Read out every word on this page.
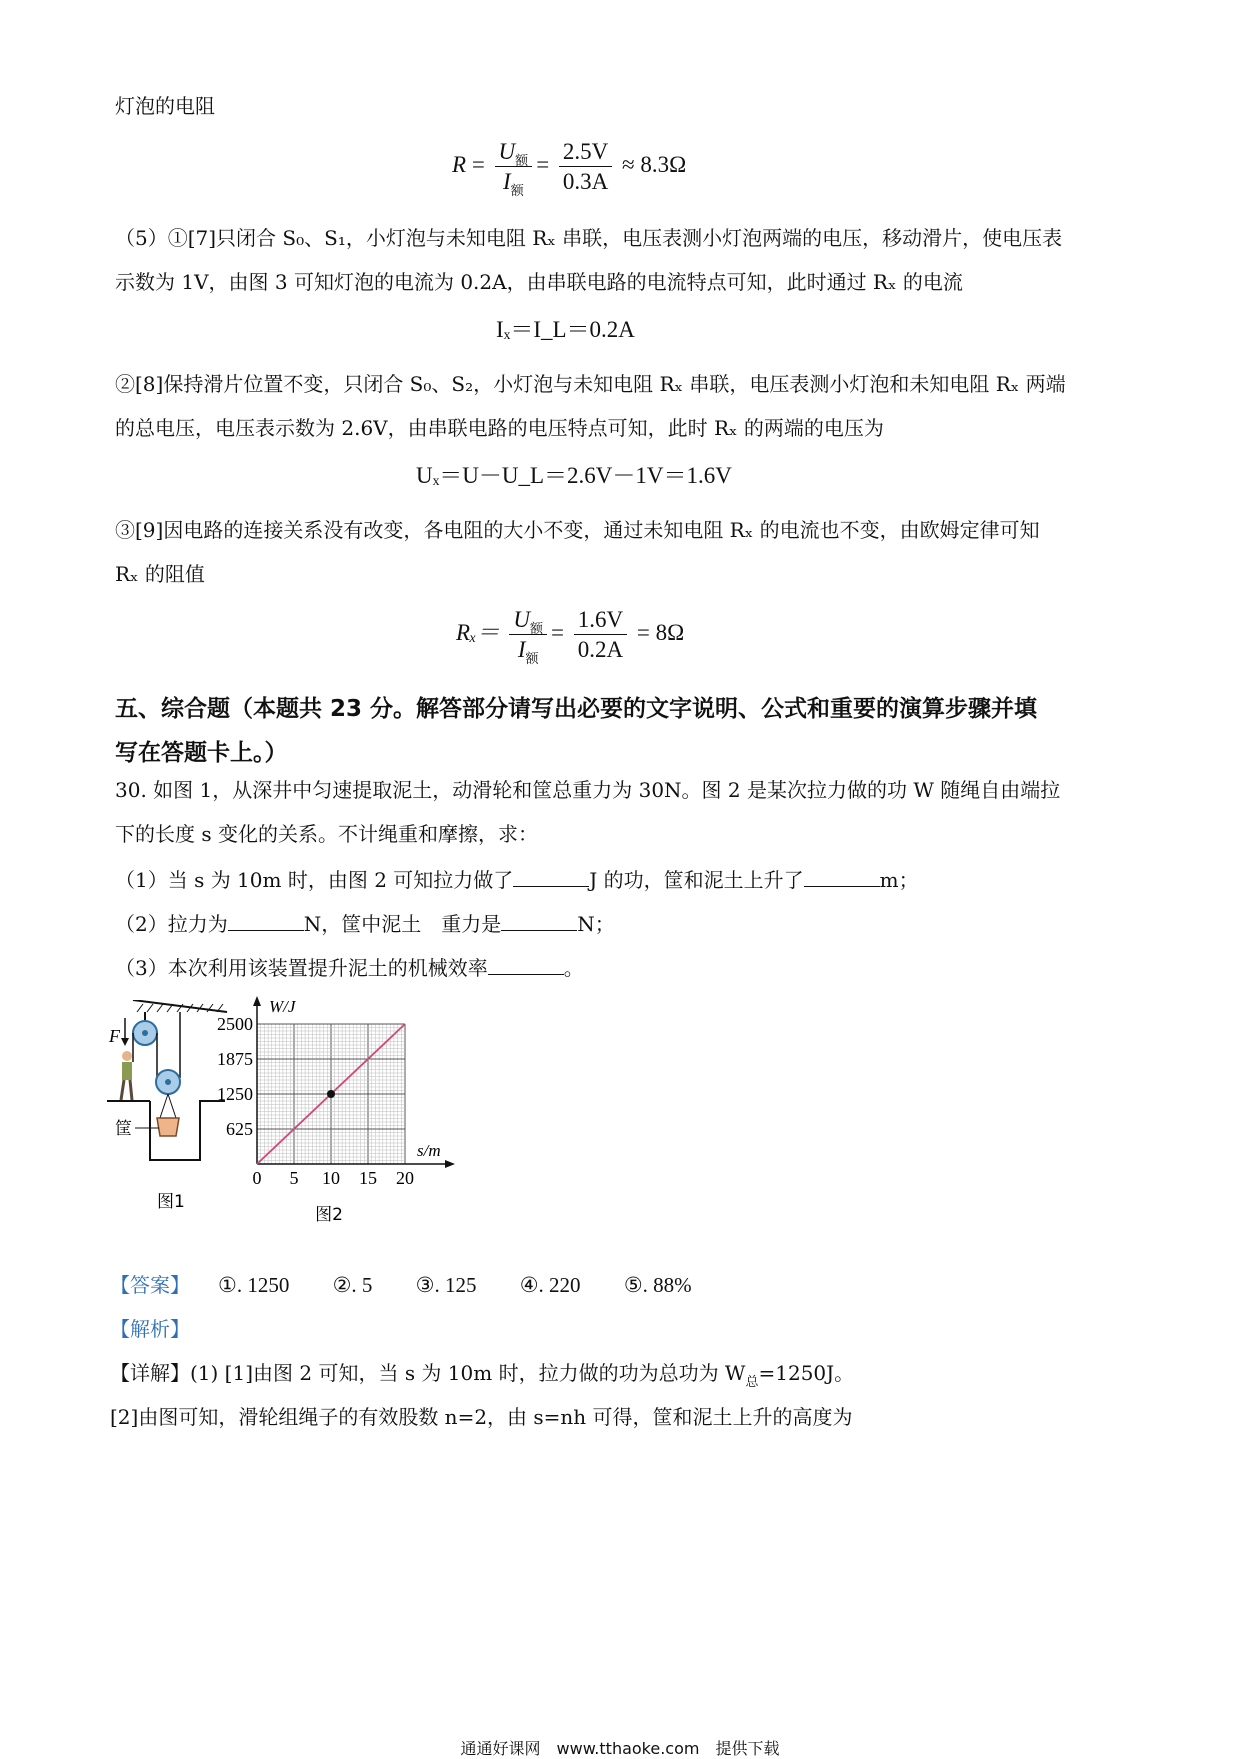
灯泡的电阻
$R = \frac{U_额}{I_额} = \frac{2.5V}{0.3A} \approx 8.3\Omega$
（5）①[7]只闭合 S₀、S₁，小灯泡与未知电阻 Rₓ 串联，电压表测小灯泡两端的电压，移动滑片，使电压表
示数为 1V，由图 3 可知灯泡的电流为 0.2A，由串联电路的电流特点可知，此时通过 Rₓ 的电流
Iₓ＝I_L＝0.2A
②[8]保持滑片位置不变，只闭合 S₀、S₂，小灯泡与未知电阻 Rₓ 串联，电压表测小灯泡和未知电阻 Rₓ 两端
的总电压，电压表示数为 2.6V，由串联电路的电压特点可知，此时 Rₓ 的两端的电压为
Uₓ＝U－U_L＝2.6V－1V＝1.6V
③[9]因电路的连接关系没有改变，各电阻的大小不变，通过未知电阻 Rₓ 的电流也不变，由欧姆定律可知
Rₓ 的阻值
$R_x= \frac{U_额}{I_额} = \frac{1.6V}{0.2A} = 8\Omega$
五、综合题（本题共 23 分。解答部分请写出必要的文字说明、公式和重要的演算步骤并填
写在答题卡上。）
30. 如图 1，从深井中匀速提取泥土，动滑轮和筐总重力为 30N。图 2 是某次拉力做的功 W 随绳自由端拉
下的长度 s 变化的关系。不计绳重和摩擦，求：
（1）当 s 为 10m 时，由图 2 可知拉力做了	J 的功，筐和泥土上升了	m；
（2）拉力为	N，筐中泥土　重力是	N；
（3）本次利用该装置提升泥土的机械效率	。
F
筐
图1
W/J
s/m
0 5 10 15 20
625
1250
1875
2500
图2
【答案】 ①. 1250 ②. 5 ③. 125 ④. 220 ⑤. 88%
【解析】
【详解】(1) [1]由图 2 可知，当 s 为 10m 时，拉力做的功为总功为 $W_总=1250J$。
[2]由图可知，滑轮组绳子的有效股数 n=2，由 s=nh 可得，筐和泥土上升的高度为
通通好课网　www.tthaoke.com　提供下载
